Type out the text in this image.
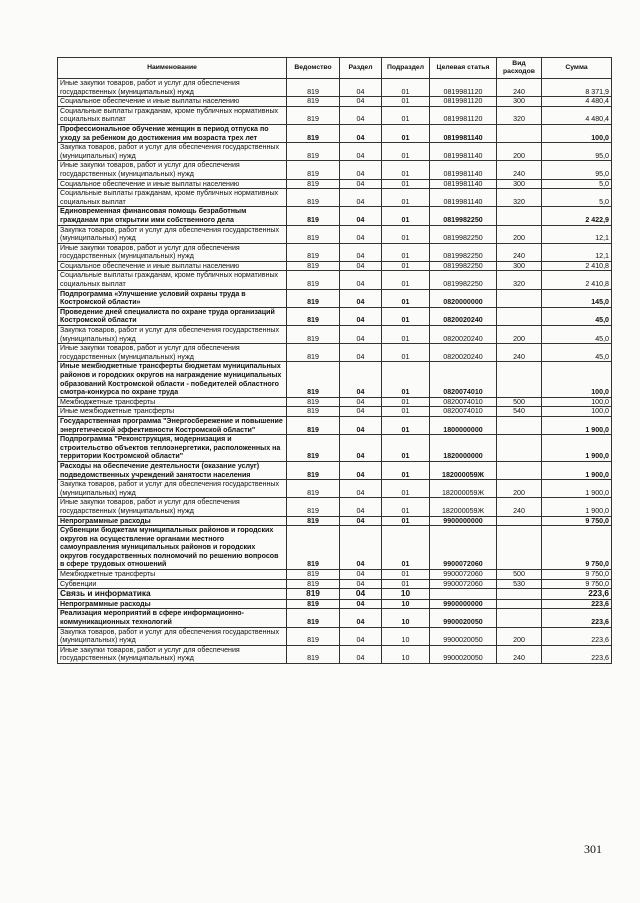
Наименование	Ведомство	Раздел	Подраздел	Целевая статья	Вид расходов	Сумма
Иные закупки товаров, работ и услуг для обеспечения государственных (муниципальных) нужд	819	04	01	0819981120	240	8 371,9
Социальное обеспечение и иные выплаты населению	819	04	01	0819981120	300	4 480,4
Социальные выплаты гражданам, кроме публичных нормативных социальных выплат	819	04	01	0819981120	320	4 480,4
Профессиональное обучение женщин в период отпуска по уходу за ребенком до достижения им возраста трех лет	819	04	01	0819981140		100,0
Закупка товаров, работ и услуг для обеспечения государственных (муниципальных) нужд	819	04	01	0819981140	200	95,0
Иные закупки товаров, работ и услуг для обеспечения государственных (муниципальных) нужд	819	04	01	0819981140	240	95,0
Социальное обеспечение и иные выплаты населению	819	04	01	0819981140	300	5,0
Социальные выплаты гражданам, кроме публичных нормативных социальных выплат	819	04	01	0819981140	320	5,0
Единовременная финансовая помощь безработным гражданам при открытии ими собственного дела	819	04	01	0819982250		2 422,9
Закупка товаров, работ и услуг для обеспечения государственных (муниципальных) нужд	819	04	01	0819982250	200	12,1
Иные закупки товаров, работ и услуг для обеспечения государственных (муниципальных) нужд	819	04	01	0819982250	240	12,1
Социальное обеспечение и иные выплаты населению	819	04	01	0819982250	300	2 410,8
Социальные выплаты гражданам, кроме публичных нормативных социальных выплат	819	04	01	0819982250	320	2 410,8
Подпрограмма «Улучшение условий охраны труда в Костромской области»	819	04	01	0820000000		145,0
Проведение дней специалиста по охране труда организаций Костромской области	819	04	01	0820020240		45,0
Закупка товаров, работ и услуг для обеспечения государственных (муниципальных) нужд	819	04	01	0820020240	200	45,0
Иные закупки товаров, работ и услуг для обеспечения государственных (муниципальных) нужд	819	04	01	0820020240	240	45,0
Иные межбюджетные трансферты бюджетам муниципальных районов и городских округов на награждение муниципальных образований Костромской области - победителей областного смотра-конкурса по охране труда	819	04	01	0820074010		100,0
Межбюджетные трансферты	819	04	01	0820074010	500	100,0
Иные межбюджетные трансферты	819	04	01	0820074010	540	100,0
Государственная программа "Энергосбережение и повышение энергетической эффективности Костромской области"	819	04	01	1800000000		1 900,0
Подпрограмма "Реконструкция, модернизация и строительство объектов теплоэнергетики, расположенных на территории Костромской области"	819	04	01	1820000000		1 900,0
Расходы на обеспечение деятельности (оказание услуг) подведомственных учреждений занятости населения	819	04	01	182000059Ж		1 900,0
Закупка товаров, работ и услуг для обеспечения государственных (муниципальных) нужд	819	04	01	182000059Ж	200	1 900,0
Иные закупки товаров, работ и услуг для обеспечения государственных (муниципальных) нужд	819	04	01	182000059Ж	240	1 900,0
Непрограммные расходы	819	04	01	9900000000		9 750,0
Субвенции бюджетам муниципальных районов и городских округов на осуществление органами местного самоуправления муниципальных районов и городских округов государственных полномочий по решению вопросов в сфере трудовых отношений	819	04	01	9900072060		9 750,0
Межбюджетные трансферты	819	04	01	9900072060	500	9 750,0
Субвенции	819	04	01	9900072060	530	9 750,0
Связь и информатика	819	04	10			223,6
Непрограммные расходы	819	04	10	9900000000		223,6
Реализация мероприятий в сфере информационно-коммуникационных технологий	819	04	10	9900020050		223,6
Закупка товаров, работ и услуг для обеспечения государственных (муниципальных) нужд	819	04	10	9900020050	200	223,6
Иные закупки товаров, работ и услуг для обеспечения государственных (муниципальных) нужд	819	04	10	9900020050	240	223,6
301
